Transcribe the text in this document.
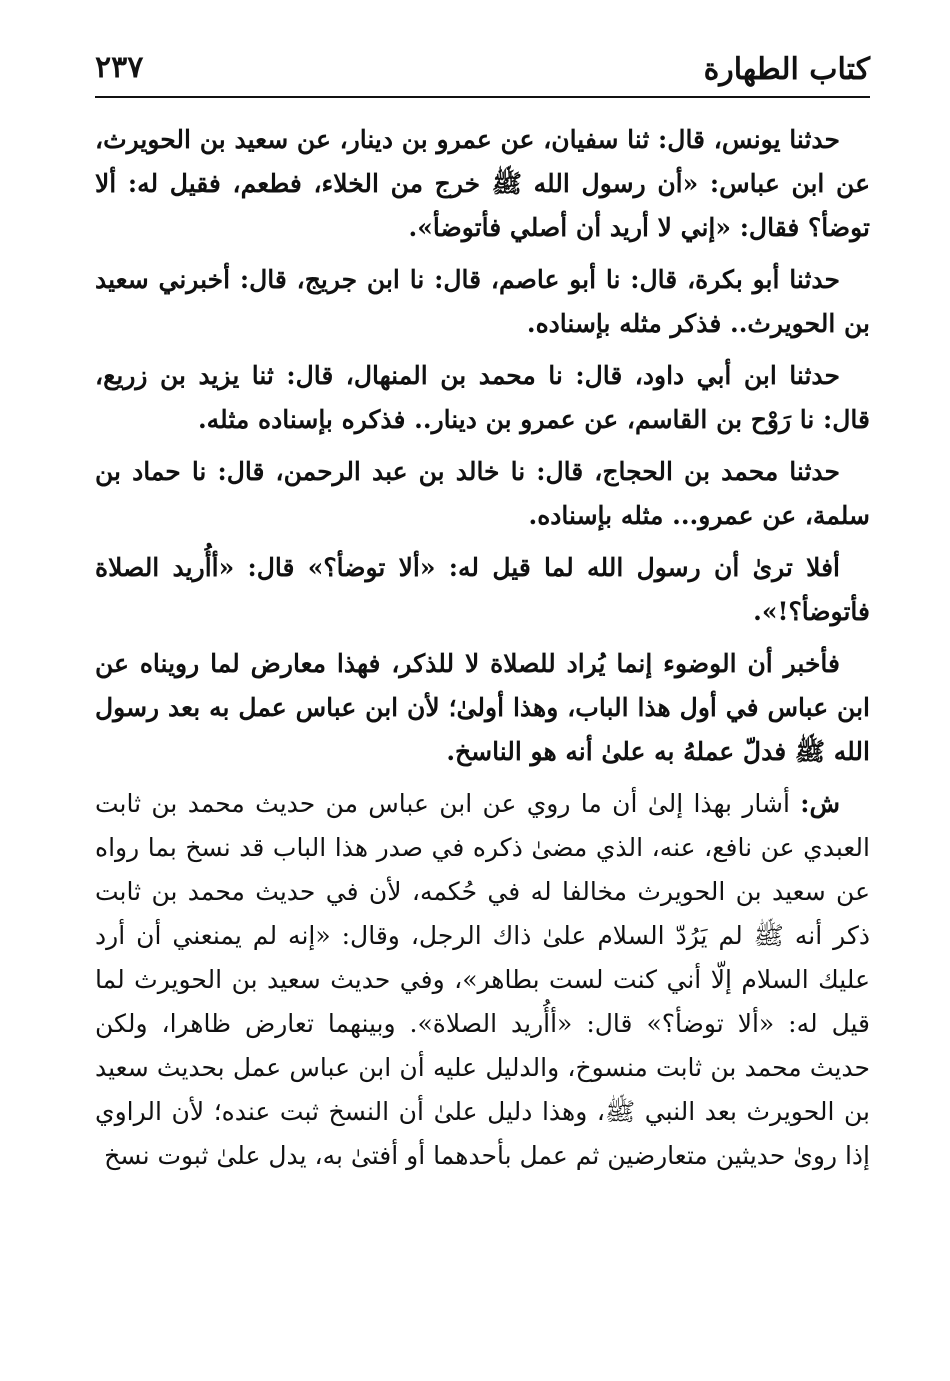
كتاب الطهارة
٢٣٧

حدثنا يونس، قال: ثنا سفيان، عن عمرو بن دينار، عن سعيد بن الحويرث، عن ابن عباس: «أن رسول الله ﷺ خرج من الخلاء، فطعم، فقيل له: ألا توضأ؟ فقال: «إني لا أريد أن أصلي فأتوضأ».

حدثنا أبو بكرة، قال: نا أبو عاصم، قال: نا ابن جريج، قال: أخبرني سعيد بن الحويرث.. فذكر مثله بإسناده.

حدثنا ابن أبي داود، قال: نا محمد بن المنهال، قال: ثنا يزيد بن زريع، قال: نا رَوْح بن القاسم، عن عمرو بن دينار.. فذكره بإسناده مثله.

حدثنا محمد بن الحجاج، قال: نا خالد بن عبد الرحمن، قال: نا حماد بن سلمة، عن عمرو... مثله بإسناده.

أفلا ترىٰ أن رسول الله لما قيل له: «ألا توضأ؟» قال: «أأُريد الصلاة فأتوضأ؟!».

فأخبر أن الوضوء إنما يُراد للصلاة لا للذكر، فهذا معارض لما رويناه عن ابن عباس في أول هذا الباب، وهذا أولىٰ؛ لأن ابن عباس عمل به بعد رسول الله ﷺ فدلّ عملهُ به علىٰ أنه هو الناسخ.

ش: أشار بهذا إلىٰ أن ما روي عن ابن عباس من حديث محمد بن ثابت العبدي عن نافع، عنه، الذي مضىٰ ذكره في صدر هذا الباب قد نسخ بما رواه عن سعيد بن الحويرث مخالفا له في حُكمه، لأن في حديث محمد بن ثابت ذكر أنه ﷺ لم يَرُدّ السلام علىٰ ذاك الرجل، وقال: «إنه لم يمنعني أن أرد عليك السلام إلّا أني كنت لست بطاهر»، وفي حديث سعيد بن الحويرث لما قيل له: «ألا توضأ؟» قال: «أأُريد الصلاة». وبينهما تعارض ظاهرا، ولكن حديث محمد بن ثابت منسوخ، والدليل عليه أن ابن عباس عمل بحديث سعيد بن الحويرث بعد النبي ﷺ، وهذا دليل علىٰ أن النسخ ثبت عنده؛ لأن الراوي إذا روىٰ حديثين متعارضين ثم عمل بأحدهما أو أفتىٰ به، يدل علىٰ ثبوت نسخ
